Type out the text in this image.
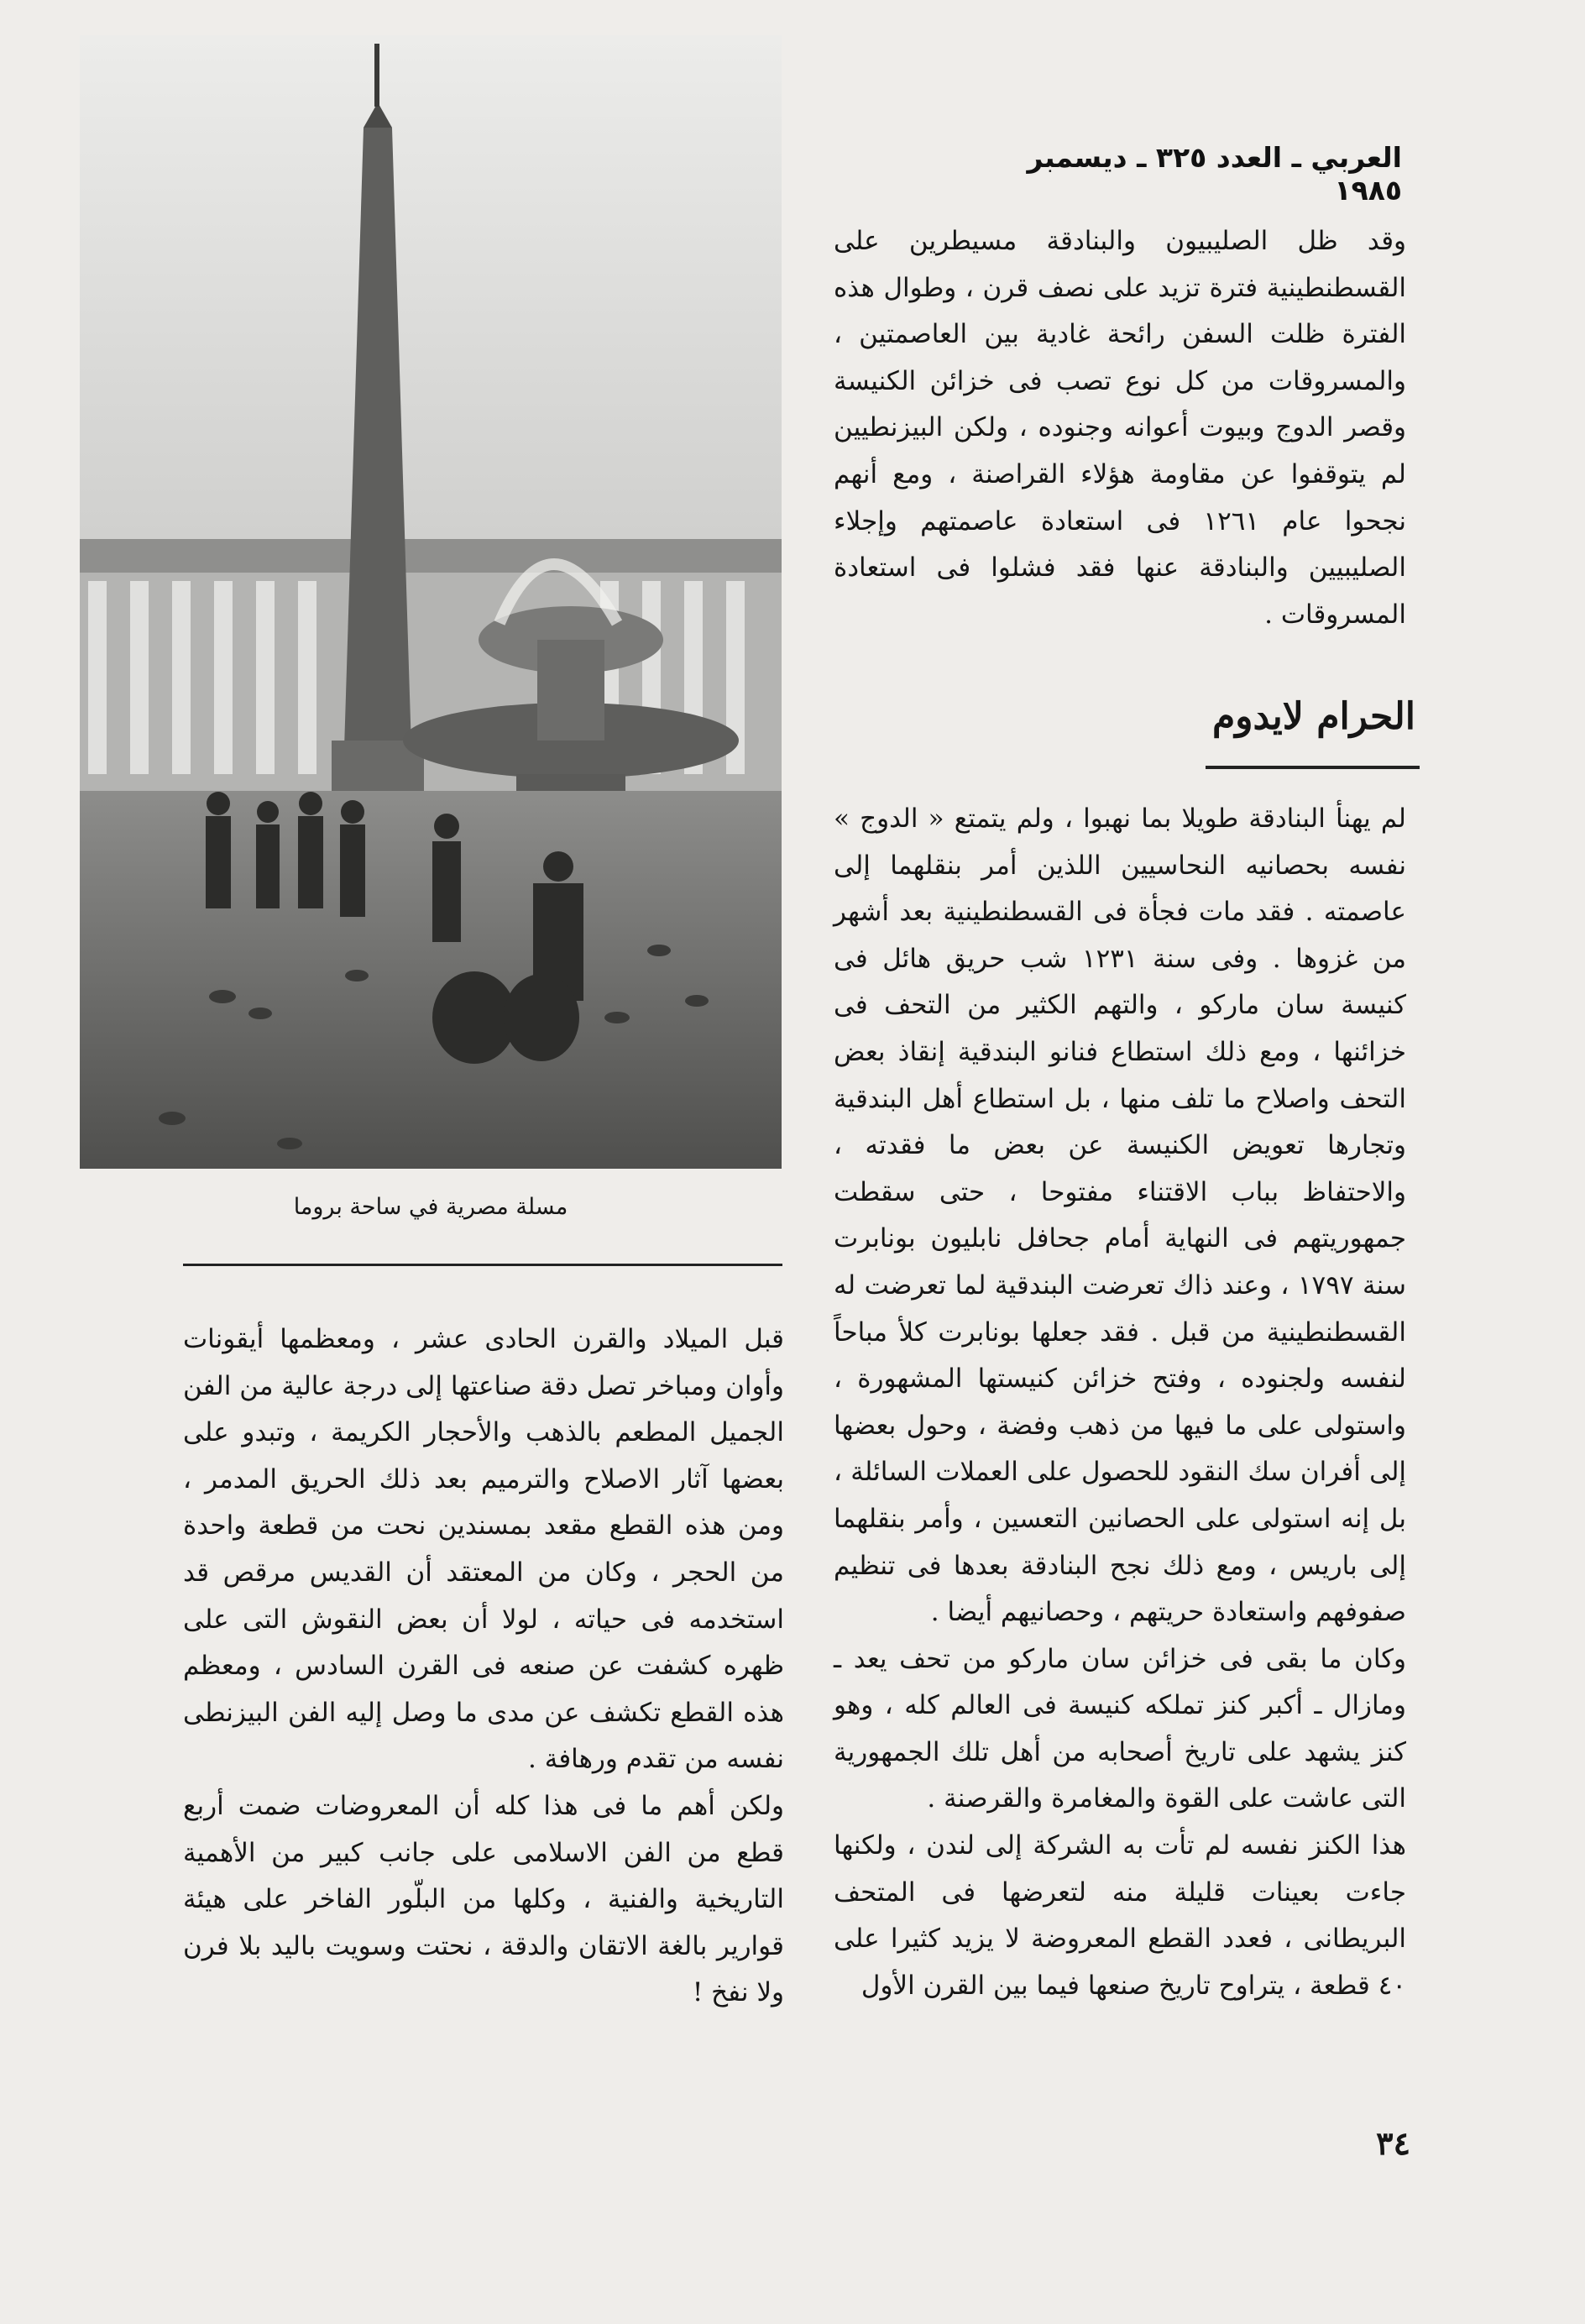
العربي ـ العدد ٣٢٥ ـ ديسمبر ١٩٨٥
مسلة مصرية في ساحة بروما

وقد ظل الصليبيون والبنادقة مسيطرين على القسطنطينية فترة تزيد على نصف قرن ، وطوال هذه الفترة ظلت السفن رائحة غادية بين العاصمتين ، والمسروقات من كل نوع تصب فى خزائن الكنيسة وقصر الدوج وبيوت أعوانه وجنوده ، ولكن البيزنطيين لم يتوقفوا عن مقاومة هؤلاء القراصنة ، ومع أنهم نجحوا عام ١٢٦١ فى استعادة عاصمتهم وإجلاء الصليبيين والبنادقة عنها فقد فشلوا فى استعادة المسروقات .

الحرام لايدوم

لم يهنأ البنادقة طويلا بما نهبوا ، ولم يتمتع « الدوج » نفسه بحصانيه النحاسيين اللذين أمر بنقلهما إلى عاصمته . فقد مات فجأة فى القسطنطينية بعد أشهر من غزوها . وفى سنة ١٢٣١ شب حريق هائل فى كنيسة سان ماركو ، والتهم الكثير من التحف فى خزائنها ، ومع ذلك استطاع فنانو البندقية إنقاذ بعض التحف واصلاح ما تلف منها ، بل استطاع أهل البندقية وتجارها تعويض الكنيسة عن بعض ما فقدته ، والاحتفاظ بباب الاقتناء مفتوحا ، حتى سقطت جمهوريتهم فى النهاية أمام جحافل نابليون بونابرت سنة ١٧٩٧ ، وعند ذاك تعرضت البندقية لما تعرضت له القسطنطينية من قبل . فقد جعلها بونابرت كلأ مباحاً لنفسه ولجنوده ، وفتح خزائن كنيستها المشهورة ، واستولى على ما فيها من ذهب وفضة ، وحول بعضها إلى أفران سك النقود للحصول على العملات السائلة ، بل إنه استولى على الحصانين التعسين ، وأمر بنقلهما إلى باريس ، ومع ذلك نجح البنادقة بعدها فى تنظيم صفوفهم واستعادة حريتهم ، وحصانيهم أيضا .

وكان ما بقى فى خزائن سان ماركو من تحف يعد ـ ومازال ـ أكبر كنز تملكه كنيسة فى العالم كله ، وهو كنز يشهد على تاريخ أصحابه من أهل تلك الجمهورية التى عاشت على القوة والمغامرة والقرصنة .

هذا الكنز نفسه لم تأت به الشركة إلى لندن ، ولكنها جاءت بعينات قليلة منه لتعرضها فى المتحف البريطانى ، فعدد القطع المعروضة لا يزيد كثيرا على ٤٠ قطعة ، يتراوح تاريخ صنعها فيما بين القرن الأول

قبل الميلاد والقرن الحادى عشر ، ومعظمها أيقونات وأوان ومباخر تصل دقة صناعتها إلى درجة عالية من الفن الجميل المطعم بالذهب والأحجار الكريمة ، وتبدو على بعضها آثار الاصلاح والترميم بعد ذلك الحريق المدمر ، ومن هذه القطع مقعد بمسندين نحت من قطعة واحدة من الحجر ، وكان من المعتقد أن القديس مرقص قد استخدمه فى حياته ، لولا أن بعض النقوش التى على ظهره كشفت عن صنعه فى القرن السادس ، ومعظم هذه القطع تكشف عن مدى ما وصل إليه الفن البيزنطى نفسه من تقدم ورهافة .

ولكن أهم ما فى هذا كله أن المعروضات ضمت أربع قطع من الفن الاسلامى على جانب كبير من الأهمية التاريخية والفنية ، وكلها من البلّور الفاخر على هيئة قوارير بالغة الاتقان والدقة ، نحتت وسويت باليد بلا فرن ولا نفخ !

٣٤
